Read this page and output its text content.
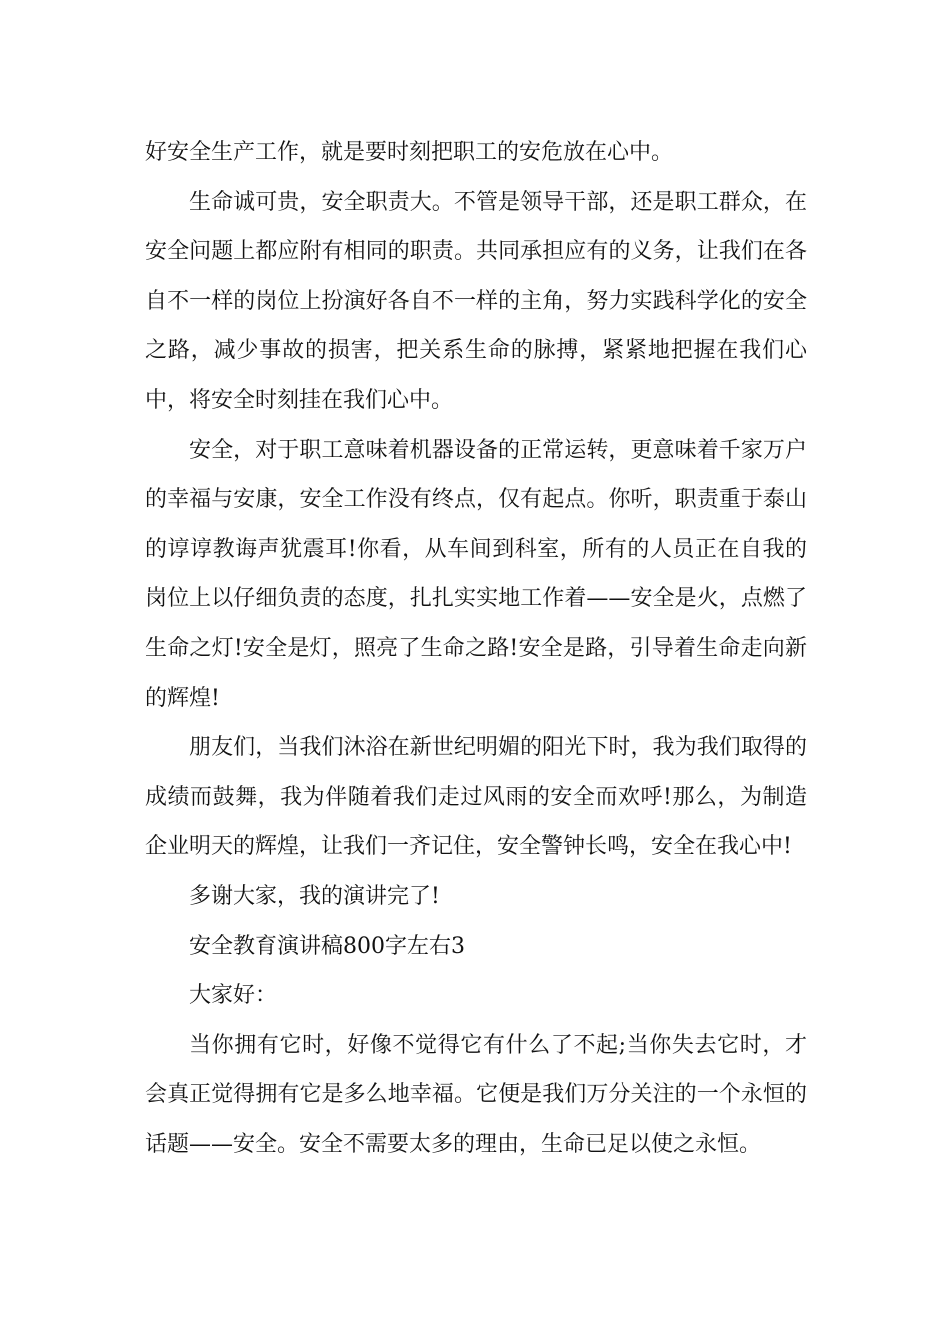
好安全生产工作，就是要时刻把职工的安危放在心中。

生命诚可贵，安全职责大。不管是领导干部，还是职工群众，在安全问题上都应附有相同的职责。共同承担应有的义务，让我们在各自不一样的岗位上扮演好各自不一样的主角，努力实践科学化的安全之路，减少事故的损害，把关系生命的脉搏，紧紧地把握在我们心中，将安全时刻挂在我们心中。

安全，对于职工意味着机器设备的正常运转，更意味着千家万户的幸福与安康，安全工作没有终点，仅有起点。你听，职责重于泰山的谆谆教诲声犹震耳!你看，从车间到科室，所有的人员正在自我的岗位上以仔细负责的态度，扎扎实实地工作着——安全是火，点燃了生命之灯!安全是灯，照亮了生命之路!安全是路，引导着生命走向新的辉煌!

朋友们，当我们沐浴在新世纪明媚的阳光下时，我为我们取得的成绩而鼓舞，我为伴随着我们走过风雨的安全而欢呼!那么，为制造企业明天的辉煌，让我们一齐记住，安全警钟长鸣，安全在我心中!

多谢大家，我的演讲完了!

安全教育演讲稿800字左右3

大家好：

当你拥有它时，好像不觉得它有什么了不起;当你失去它时，才会真正觉得拥有它是多么地幸福。它便是我们万分关注的一个永恒的话题——安全。安全不需要太多的理由，生命已足以使之永恒。
